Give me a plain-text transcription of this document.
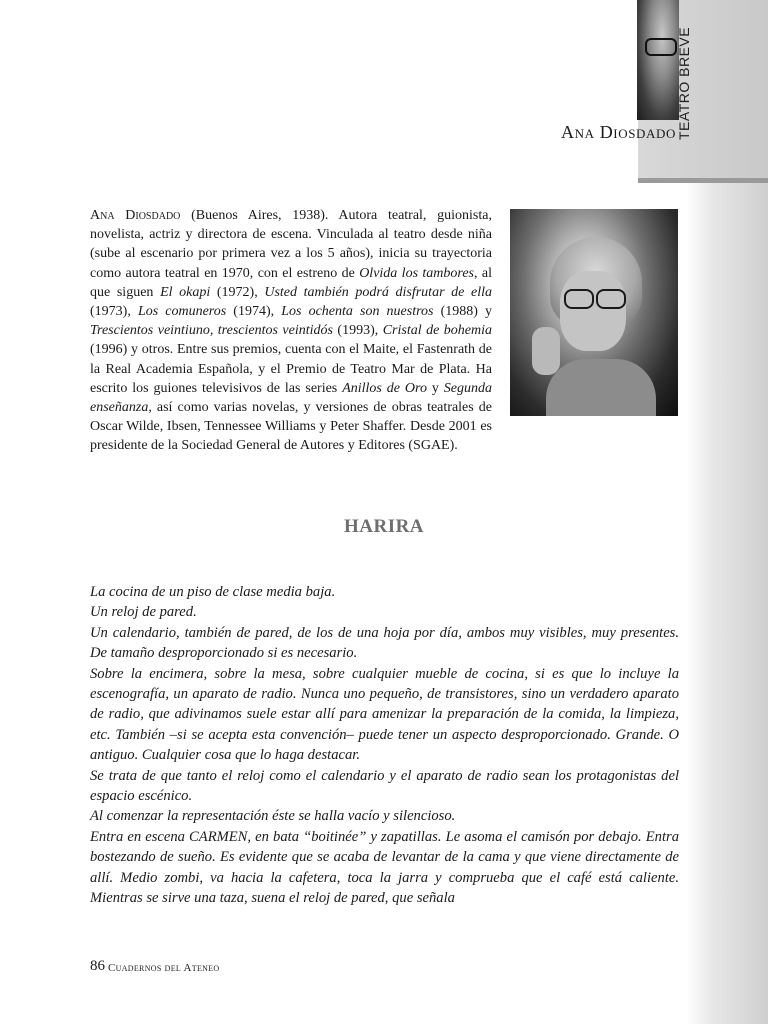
TEATRO BREVE
Ana Diosdado

Ana Diosdado (Buenos Aires, 1938). Autora teatral, guionista, novelista, actriz y directora de escena. Vinculada al teatro desde niña (sube al escenario por primera vez a los 5 años), inicia su trayectoria como autora teatral en 1970, con el estreno de Olvida los tambores, al que siguen El okapi (1972), Usted también podrá disfrutar de ella (1973), Los comuneros (1974), Los ochenta son nuestros (1988) y Trescientos veintiuno, trescientos veintidós (1993), Cristal de bohemia (1996) y otros. Entre sus premios, cuenta con el Maite, el Fastenrath de la Real Academia Española, y el Premio de Teatro Mar de Plata. Ha escrito los guiones televisivos de las series Anillos de Oro y Segunda enseñanza, así como varias novelas, y versiones de obras teatrales de Oscar Wilde, Ibsen, Tennessee Williams y Peter Shaffer. Desde 2001 es presidente de la Sociedad General de Autores y Editores (SGAE).

HARIRA

La cocina de un piso de clase media baja.

Un reloj de pared.

Un calendario, también de pared, de los de una hoja por día, ambos muy visibles, muy presentes. De tamaño desproporcionado si es necesario.

Sobre la encimera, sobre la mesa, sobre cualquier mueble de cocina, si es que lo incluye la escenografía, un aparato de radio. Nunca uno pequeño, de transistores, sino un verdadero aparato de radio, que adivinamos suele estar allí para amenizar la preparación de la comida, la limpieza, etc. También –si se acepta esta convención– puede tener un aspecto desproporcionado. Grande. O antiguo. Cualquier cosa que lo haga destacar.

Se trata de que tanto el reloj como el calendario y el aparato de radio sean los protagonistas del espacio escénico.

Al comenzar la representación éste se halla vacío y silencioso.

Entra en escena CARMEN, en bata “boitinée” y zapatillas. Le asoma el camisón por debajo. Entra bostezando de sueño. Es evidente que se acaba de levantar de la cama y que viene directamente de allí. Medio zombi, va hacia la cafetera, toca la jarra y comprueba que el café está caliente. Mientras se sirve una taza, suena el reloj de pared, que señala

86 Cuadernos del Ateneo
